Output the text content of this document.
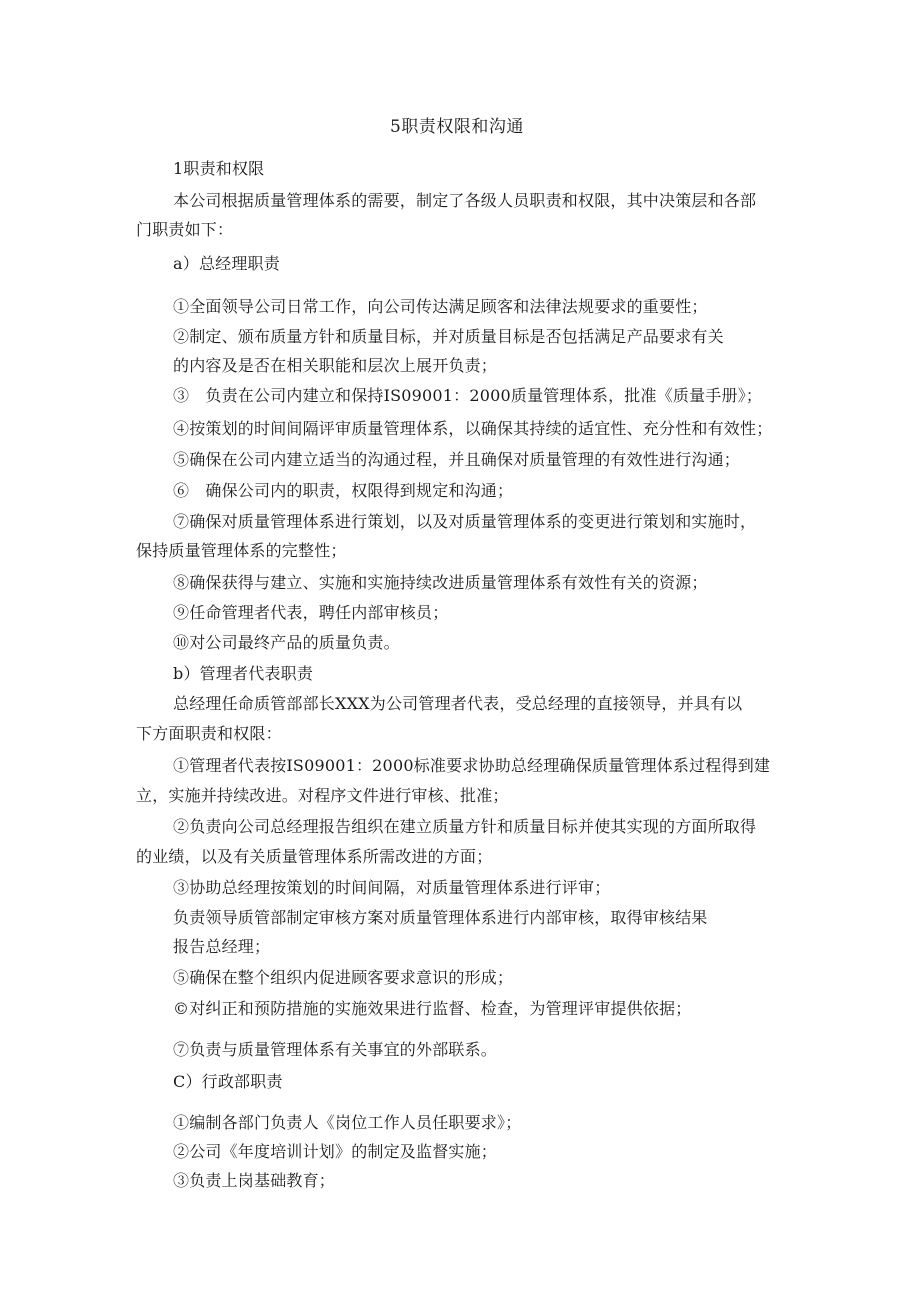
5职责权限和沟通
1职责和权限
本公司根据质量管理体系的需要，制定了各级人员职责和权限，其中决策层和各部
门职责如下：
a）总经理职责
①全面领导公司日常工作，向公司传达满足顾客和法律法规要求的重要性；
②制定、颁布质量方针和质量目标，并对质量目标是否包括满足产品要求有关
的内容及是否在相关职能和层次上展开负责；
③　负责在公司内建立和保持IS09001：2000质量管理体系，批准《质量手册》；
④按策划的时间间隔评审质量管理体系，以确保其持续的适宜性、充分性和有效性；
⑤确保在公司内建立适当的沟通过程，并且确保对质量管理的有效性进行沟通；
⑥　确保公司内的职责，权限得到规定和沟通；
⑦确保对质量管理体系进行策划，以及对质量管理体系的变更进行策划和实施时，
保持质量管理体系的完整性；
⑧确保获得与建立、实施和实施持续改进质量管理体系有效性有关的资源；
⑨任命管理者代表，聘任内部审核员；
⑩对公司最终产品的质量负责。
b）管理者代表职责
总经理任命质管部部长XXX为公司管理者代表，受总经理的直接领导，并具有以
下方面职责和权限：
①管理者代表按IS09001：2000标准要求协助总经理确保质量管理体系过程得到建
立，实施并持续改进。对程序文件进行审核、批准；
②负责向公司总经理报告组织在建立质量方针和质量目标并使其实现的方面所取得
的业绩，以及有关质量管理体系所需改进的方面；
③协助总经理按策划的时间间隔，对质量管理体系进行评审；
负责领导质管部制定审核方案对质量管理体系进行内部审核，取得审核结果
报告总经理；
⑤确保在整个组织内促进顾客要求意识的形成；
©对纠正和预防措施的实施效果进行监督、检查，为管理评审提供依据；
⑦负责与质量管理体系有关事宜的外部联系。
C）行政部职责
①编制各部门负责人《岗位工作人员任职要求》；
②公司《年度培训计划》的制定及监督实施；
③负责上岗基础教育；
